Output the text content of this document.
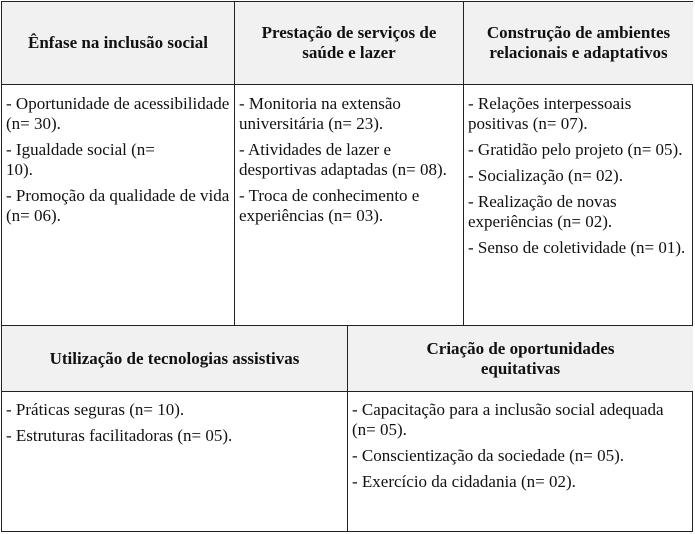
Ênfase na inclusão social
Prestação de serviços de saúde e lazer
Construção de ambientes relacionais e adaptativos
- Oportunidade de acessibilidade (n= 30).
- Igualdade social (n= 10).
- Promoção da qualidade de vida (n= 06).
- Monitoria na extensão universitária (n= 23).
- Atividades de lazer e desportivas adaptadas (n= 08).
- Troca de conhecimento e experiências (n= 03).
- Relações interpessoais positivas (n= 07).
- Gratidão pelo projeto (n= 05).
- Socialização (n= 02).
- Realização de novas experiências (n= 02).
- Senso de coletividade (n= 01).
Utilização de tecnologias assistivas
Criação de oportunidades equitativas
- Práticas seguras (n= 10).
- Estruturas facilitadoras (n= 05).
- Capacitação para a inclusão social adequada (n= 05).
- Conscientização da sociedade (n= 05).
- Exercício da cidadania (n= 02).
